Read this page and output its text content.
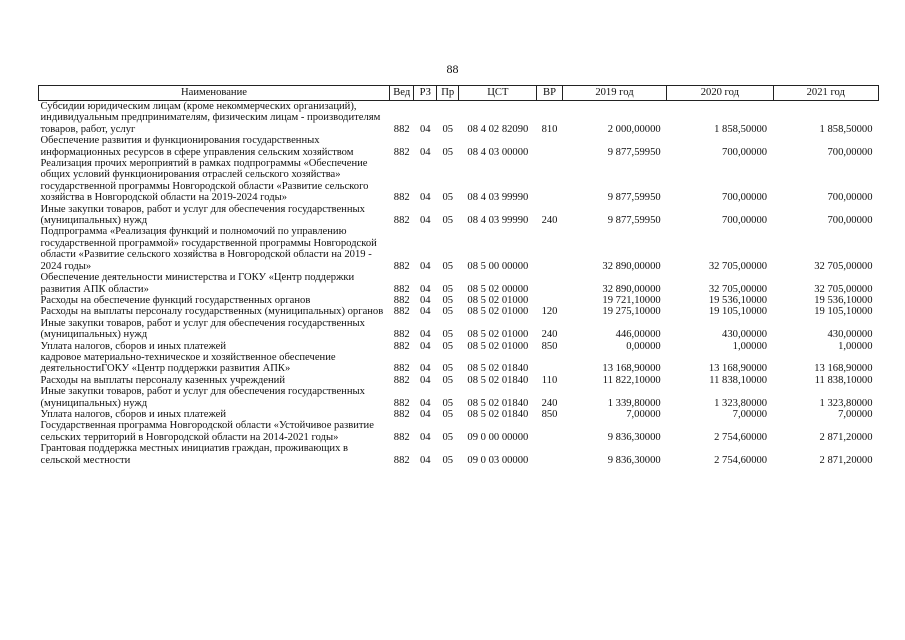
88
Наименование	Вед	РЗ	Пр	ЦСТ	ВР	2019 год	2020 год	2021 год
Субсидии юридическим лицам (кроме некоммерческих организаций), индивидуальным предпринимателям, физическим лицам - производителям товаров, работ, услуг	882	04	05	08 4 02 82090	810	2 000,00000	1 858,50000	1 858,50000
Обеспечение развития и функционирования государственных информационных ресурсов в сфере управления сельским хозяйством	882	04	05	08 4 03 00000		9 877,59950	700,00000	700,00000
Реализация прочих мероприятий в рамках подпрограммы «Обеспечение общих условий функционирования отраслей сельского хозяйства» государственной программы Новгородской области «Развитие сельского хозяйства в Новгородской области на 2019-2024 годы»	882	04	05	08 4 03 99990		9 877,59950	700,00000	700,00000
Иные закупки товаров, работ и услуг для обеспечения государственных (муниципальных) нужд	882	04	05	08 4 03 99990	240	9 877,59950	700,00000	700,00000
Подпрограмма «Реализация функций и полномочий по управлению государственной программой» государственной программы Новгородской области «Развитие сельского хозяйства в Новгородской области на 2019 - 2024 годы»	882	04	05	08 5 00 00000		32 890,00000	32 705,00000	32 705,00000
Обеспечение деятельности министерства и ГОКУ «Центр поддержки развития АПК области»	882	04	05	08 5 02 00000		32 890,00000	32 705,00000	32 705,00000
Расходы на обеспечение функций государственных органов	882	04	05	08 5 02 01000		19 721,10000	19 536,10000	19 536,10000
Расходы на выплаты персоналу государственных (муниципальных) органов	882	04	05	08 5 02 01000	120	19 275,10000	19 105,10000	19 105,10000
Иные закупки товаров, работ и услуг для обеспечения государственных (муниципальных) нужд	882	04	05	08 5 02 01000	240	446,00000	430,00000	430,00000
Уплата налогов, сборов и иных платежей	882	04	05	08 5 02 01000	850	0,00000	1,00000	1,00000
кадровое материально-техническое и хозяйственное обеспечение деятельностиГОКУ «Центр поддержки развития АПК»	882	04	05	08 5 02 01840		13 168,90000	13 168,90000	13 168,90000
Расходы на выплаты персоналу казенных учреждений	882	04	05	08 5 02 01840	110	11 822,10000	11 838,10000	11 838,10000
Иные закупки товаров, работ и услуг для обеспечения государственных (муниципальных) нужд	882	04	05	08 5 02 01840	240	1 339,80000	1 323,80000	1 323,80000
Уплата налогов, сборов и иных платежей	882	04	05	08 5 02 01840	850	7,00000	7,00000	7,00000
Государственная программа Новгородской области «Устойчивое развитие сельских территорий в Новгородской области на 2014-2021 годы»	882	04	05	09 0 00 00000		9 836,30000	2 754,60000	2 871,20000
Грантовая поддержка местных инициатив граждан, проживающих в сельской местности	882	04	05	09 0 03 00000		9 836,30000	2 754,60000	2 871,20000
